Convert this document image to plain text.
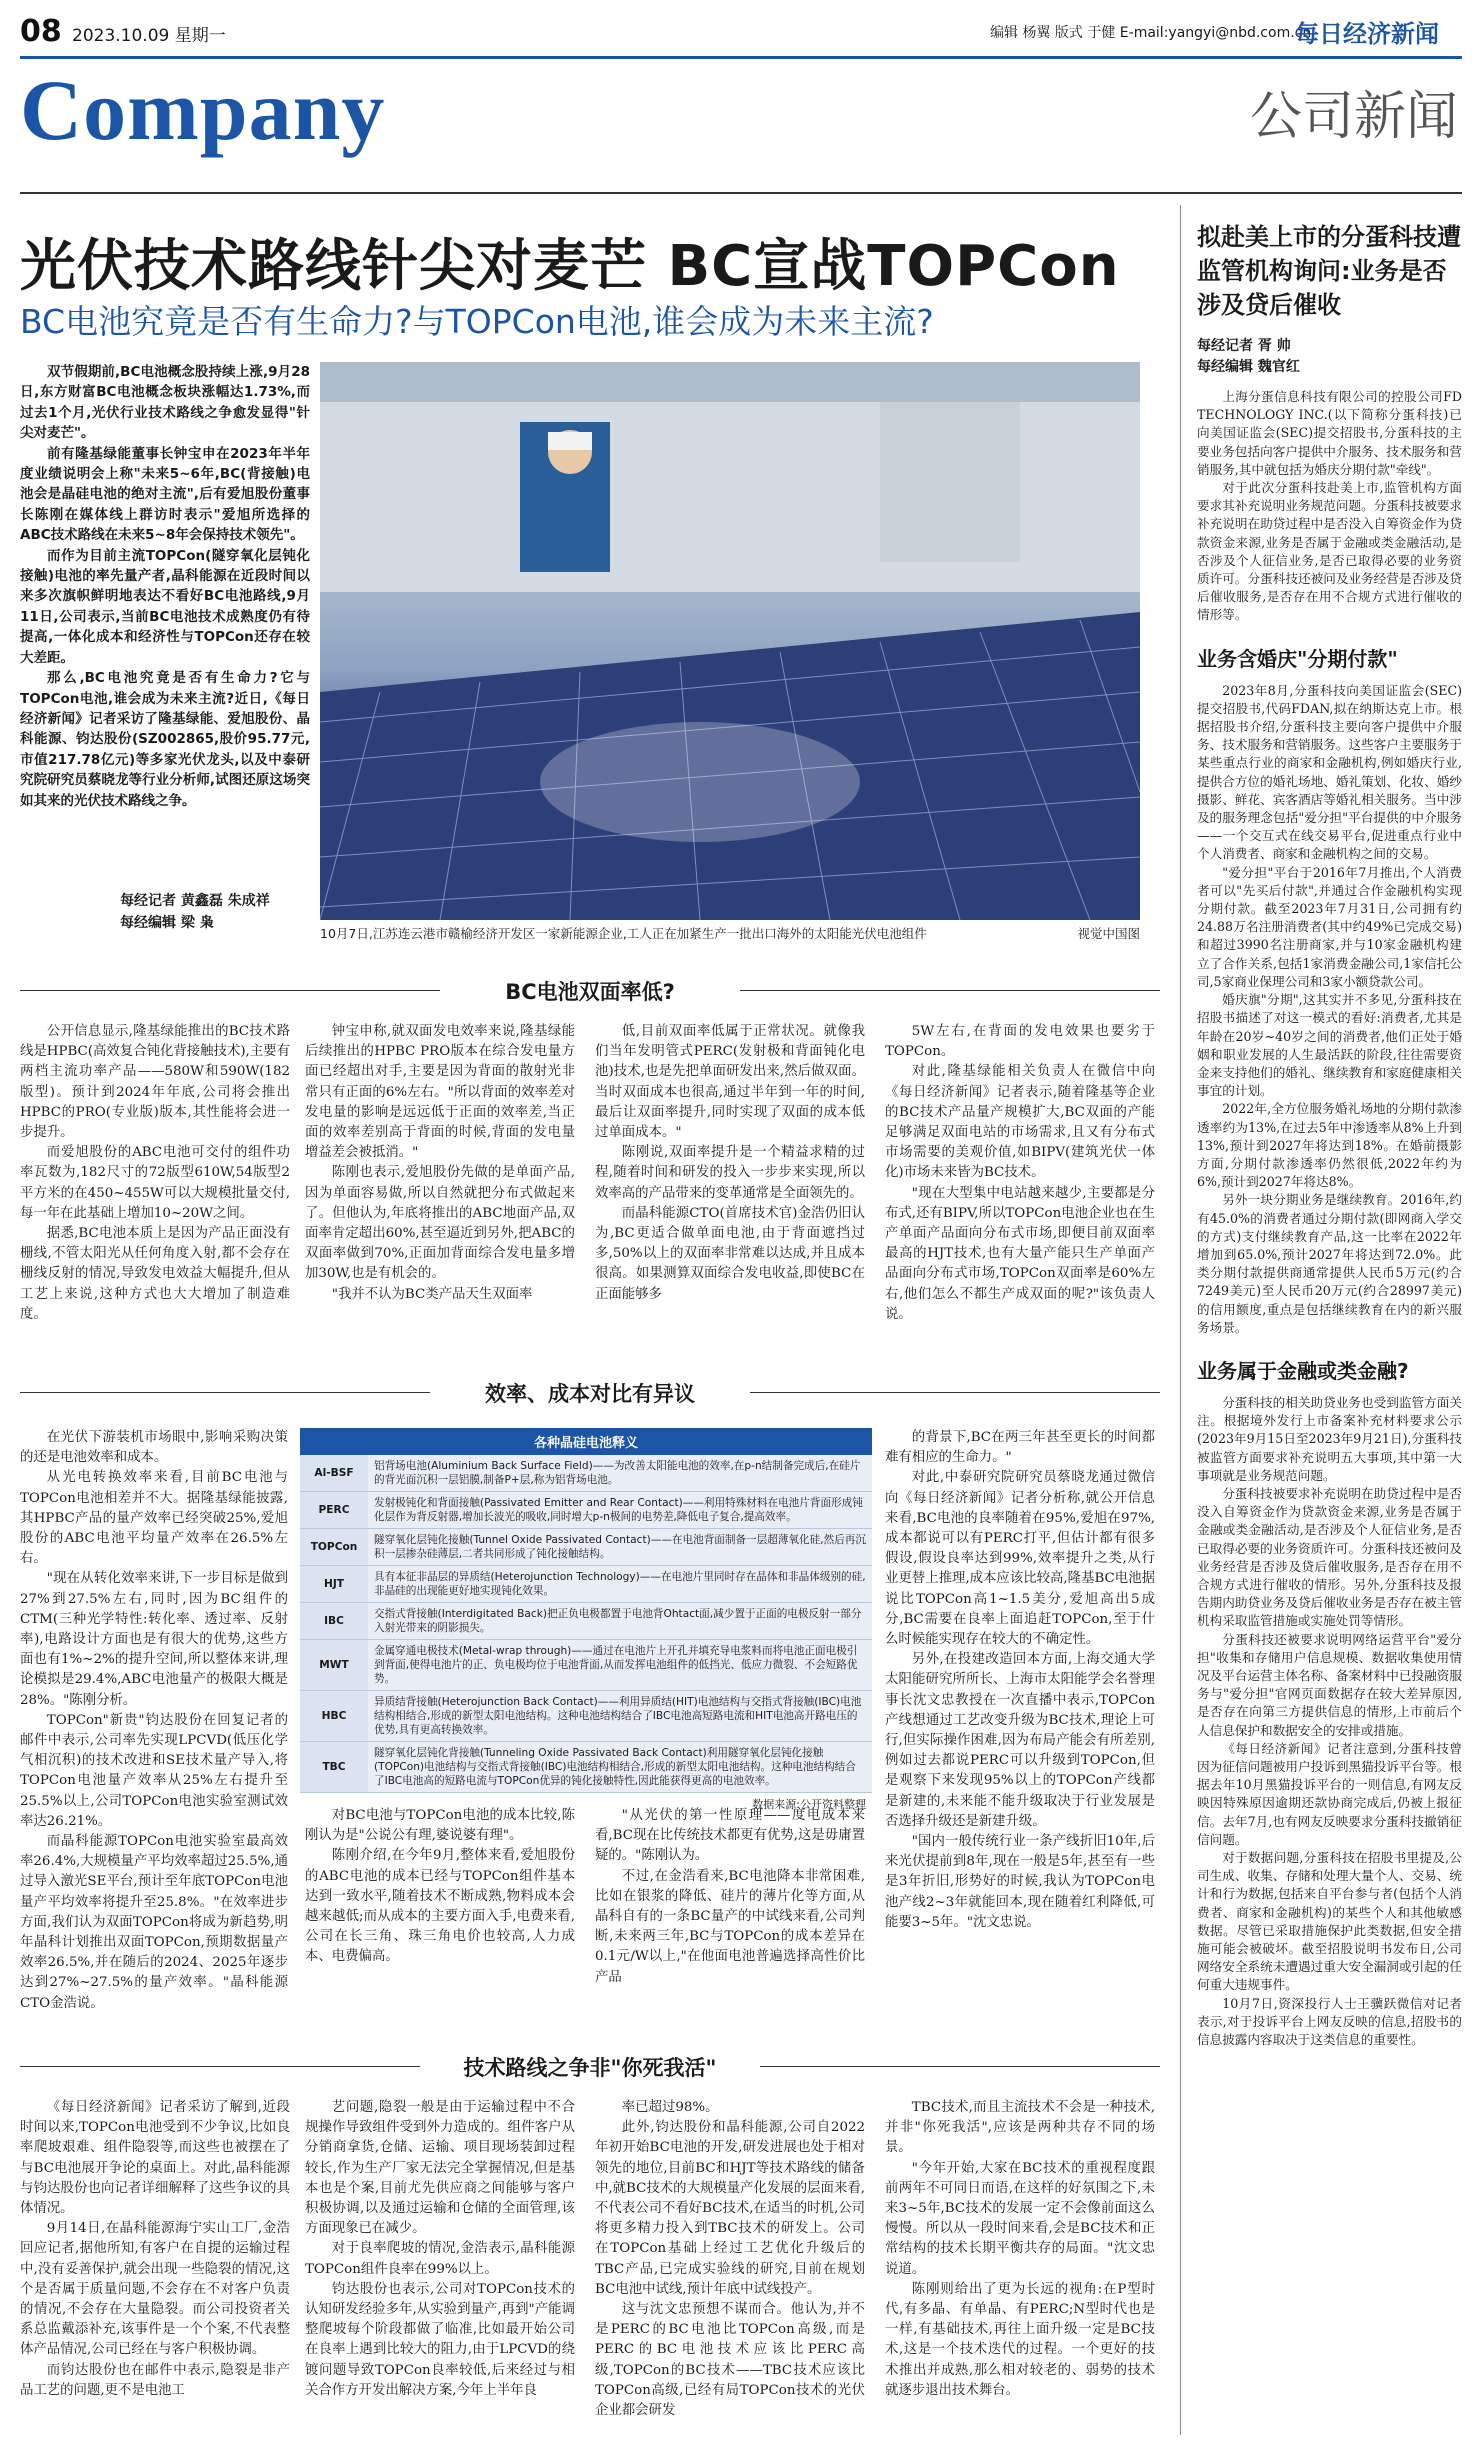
08 2023.10.09 星期一	编辑 杨翼 版式 于健 E-mail:yangyi@nbd.com.cn
每日经济新闻
Company	公司新闻
光伏技术路线针尖对麦芒 BC宣战TOPCon
BC电池究竟是否有生命力?与TOPCon电池,谁会成为未来主流?

双节假期前,BC电池概念股持续上涨,9月28日,东方财富BC电池概念板块涨幅达1.73%,而过去1个月,光伏行业技术路线之争愈发显得"针尖对麦芒"。

前有隆基绿能董事长钟宝申在2023年半年度业绩说明会上称"未来5~6年,BC(背接触)电池会是晶硅电池的绝对主流",后有爱旭股份董事长陈刚在媒体线上群访时表示"爱旭所选择的ABC技术路线在未来5~8年会保持技术领先"。

而作为目前主流TOPCon(隧穿氧化层钝化接触)电池的率先量产者,晶科能源在近段时间以来多次旗帜鲜明地表达不看好BC电池路线,9月11日,公司表示,当前BC电池技术成熟度仍有待提高,一体化成本和经济性与TOPCon还存在较大差距。

那么,BC电池究竟是否有生命力?它与TOPCon电池,谁会成为未来主流?近日,《每日经济新闻》记者采访了隆基绿能、爱旭股份、晶科能源、钧达股份(SZ002865,股价95.77元,市值217.78亿元)等多家光伏龙头,以及中泰研究院研究员蔡晓龙等行业分析师,试图还原这场突如其来的光伏技术路线之争。

每经记者 黄鑫磊 朱成祥
每经编辑 梁 枭
10月7日,江苏连云港市赣榆经济开发区一家新能源企业,工人正在加紧生产一批出口海外的太阳能光伏电池组件	视觉中国图
BC电池双面率低?

公开信息显示,隆基绿能推出的BC技术路线是HPBC(高效复合钝化背接触技术),主要有两档主流功率产品——580W和590W(182版型)。预计到2024年年底,公司将会推出HPBC的PRO(专业版)版本,其性能将会进一步提升。

而爱旭股份的ABC电池可交付的组件功率瓦数为,182尺寸的72版型610W,54版型2平方米的在450~455W可以大规模批量交付,每一年在此基础上增加10~20W之间。

据悉,BC电池本质上是因为产品正面没有栅线,不管太阳光从任何角度入射,都不会存在栅线反射的情况,导致发电效益大幅提升,但从工艺上来说,这种方式也大大增加了制造难度。

钟宝申称,就双面发电效率来说,隆基绿能后续推出的HPBC PRO版本在综合发电量方面已经超出对手,主要是因为背面的散射光非常只有正面的6%左右。"所以背面的效率差对发电量的影响是远远低于正面的效率差,当正面的效率差别高于背面的时候,背面的发电量增益差会被抵消。"

陈刚也表示,爱旭股份先做的是单面产品,因为单面容易做,所以自然就把分布式做起来了。但他认为,年底将推出的ABC地面产品,双面率肯定超出60%,甚至逼近到另外,把ABC的双面率做到70%,正面加背面综合发电量多增加30W,也是有机会的。

"我并不认为BC类产品天生双面率

低,目前双面率低属于正常状况。就像我们当年发明管式PERC(发射极和背面钝化电池)技术,也是先把单面研发出来,然后做双面。当时双面成本也很高,通过半年到一年的时间,最后让双面率提升,同时实现了双面的成本低过单面成本。"

陈刚说,双面率提升是一个精益求精的过程,随着时间和研发的投入一步步来实现,所以效率高的产品带来的变革通常是全面领先的。

而晶科能源CTO(首席技术官)金浩仍旧认为,BC更适合做单面电池,由于背面遮挡过多,50%以上的双面率非常难以达成,并且成本很高。如果测算双面综合发电收益,即使BC在正面能够多

5W左右,在背面的发电效果也要劣于TOPCon。

对此,隆基绿能相关负责人在微信中向《每日经济新闻》记者表示,随着隆基等企业的BC技术产品量产规模扩大,BC双面的产能足够满足双面电站的市场需求,且又有分布式市场需要的美观价值,如BIPV(建筑光伏一体化)市场未来皆为BC技术。

"现在大型集中电站越来越少,主要都是分布式,还有BIPV,所以TOPCon电池企业也在生产单面产品面向分布式市场,即便目前双面率最高的HJT技术,也有大量产能只生产单面产品面向分布式市场,TOPCon双面率是60%左右,他们怎么不都生产成双面的呢?"该负责人说。

效率、成本对比有异议

在光伏下游装机市场眼中,影响采购决策的还是电池效率和成本。

从光电转换效率来看,目前BC电池与TOPCon电池相差并不大。据隆基绿能披露,其HPBC产品的量产效率已经突破25%,爱旭股份的ABC电池平均量产效率在26.5%左右。

"现在从转化效率来讲,下一步目标是做到27%到27.5%左右,同时,因为BC组件的CTM(三种光学特性:转化率、透过率、反射率),电路设计方面也是有很大的优势,这些方面也有1%~2%的提升空间,所以整体来讲,理论模拟是29.4%,ABC电池量产的极限大概是28%。"陈刚分析。

TOPCon"新贵"钧达股份在回复记者的邮件中表示,公司率先实现LPCVD(低压化学气相沉积)的技术改进和SE技术量产导入,将TOPCon电池量产效率从25%左右提升至25.5%以上,公司TOPCon电池实验室测试效率达26.21%。

而晶科能源TOPCon电池实验室最高效率26.4%,大规模量产平均效率超过25.5%,通过导入激光SE平台,预计至年底TOPCon电池量产平均效率将提升至25.8%。"在效率进步方面,我们认为双面TOPCon将成为新趋势,明年晶科计划推出双面TOPCon,预期数据量产效率26.5%,并在随后的2024、2025年逐步达到27%~27.5%的量产效率。"晶科能源CTO金浩说。

各种晶硅电池释义
Al-BSF	铝背场电池(Aluminium Back Surface Field)——为改善太阳能电池的效率,在p-n结制备完成后,在硅片的背光面沉积一层铝膜,制备P+层,称为铝背场电池。
PERC	发射极钝化和背面接触(Passivated Emitter and Rear Contact)——利用特殊材料在电池片背面形成钝化层作为背反射器,增加长波光的吸收,同时增大p-n极间的电势差,降低电子复合,提高效率。
TOPCon	隧穿氧化层钝化接触(Tunnel Oxide Passivated Contact)——在电池背面制备一层超薄氧化硅,然后再沉积一层掺杂硅薄层,二者共同形成了钝化接触结构。
HJT	具有本征非晶层的异质结(Heterojunction Technology)——在电池片里同时存在晶体和非晶体级别的硅,非晶硅的出现能更好地实现钝化效果。
IBC	交指式背接触(Interdigitated Back)把正负电极都置于电池背Ohtact面,减少置于正面的电极反射一部分入射光带来的阴影损失。
MWT	金属穿通电极技术(Metal-wrap through)——通过在电池片上开孔并填充导电浆料而将电池正面电极引到背面,使得电池片的正、负电极均位于电池背面,从而发挥电池组件的低挡光、低应力微裂、不会短路优势。
HBC	异质结背接触(Heterojunction Back Contact)——利用异质结(HIT)电池结构与交指式背接触(IBC)电池结构相结合,形成的新型太阳电池结构。这种电池结构结合了IBC电池高短路电流和HIT电池高开路电压的优势,具有更高转换效率。
TBC	隧穿氧化层钝化背接触(Tunneling Oxide Passivated Back Contact)利用隧穿氧化层钝化接触(TOPCon)电池结构与交指式背接触(IBC)电池结构相结合,形成的新型太阳电池结构。这种电池结构结合了IBC电池高的短路电流与TOPCon优异的钝化接触特性,因此能获得更高的电池效率。
数据来源:公开资料整理

对BC电池与TOPCon电池的成本比较,陈刚认为是"公说公有理,婆说婆有理"。

陈刚介绍,在今年9月,整体来看,爱旭股份的ABC电池的成本已经与TOPCon组件基本达到一致水平,随着技术不断成熟,物料成本会越来越低;而从成本的主要方面入手,电费来看,公司在长三角、珠三角电价也较高,人力成本、电费偏高。

"从光伏的第一性原理——度电成本来看,BC现在比传统技术都更有优势,这是毋庸置疑的。"陈刚认为。

不过,在金浩看来,BC电池降本非常困难,比如在银浆的降低、硅片的薄片化等方面,从晶科自有的一条BC量产的中试线来看,公司判断,未来两三年,BC与TOPCon的成本差异在0.1元/W以上,"在他面电池普遍选择高性价比产品

的背景下,BC在两三年甚至更长的时间都难有相应的生命力。"

对此,中泰研究院研究员蔡晓龙通过微信向《每日经济新闻》记者分析称,就公开信息来看,BC电池的良率随着在95%,爱旭在97%,成本都说可以有PERC打平,但估计都有很多假设,假设良率达到99%,效率提升之类,从行业更替上推理,成本应该比较高,隆基BC电池据说比TOPCon高1~1.5美分,爱旭高出5成分,BC需要在良率上面追赶TOPCon,至于什么时候能实现存在较大的不确定性。

另外,在投建改造回本方面,上海交通大学太阳能研究所所长、上海市太阳能学会名誉理事长沈文忠教授在一次直播中表示,TOPCon产线想通过工艺改变升级为BC技术,理论上可行,但实际操作困难,因为布局产能会有所差别,例如过去都说PERC可以升级到TOPCon,但是观察下来发现95%以上的TOPCon产线都是新建的,未来能不能升级取决于行业发展是否选择升级还是新建升级。

"国内一般传统行业一条产线折旧10年,后来光伏提前到8年,现在一般是5年,甚至有一些是3年折旧,形势好的时候,我认为TOPCon电池产线2~3年就能回本,现在随着红利降低,可能要3~5年。"沈文忠说。

技术路线之争非"你死我活"

《每日经济新闻》记者采访了解到,近段时间以来,TOPCon电池受到不少争议,比如良率爬坡艰难、组件隐裂等,而这些也被摆在了与BC电池展开争论的桌面上。对此,晶科能源与钧达股份也向记者详细解释了这些争议的具体情况。

9月14日,在晶科能源海宁实山工厂,金浩回应记者,据他所知,有客户在自提的运输过程中,没有妥善保护,就会出现一些隐裂的情况,这个是否属于质量问题,不会存在不对客户负责的情况,不会存在大量隐裂。而公司投资者关系总监戴添补充,该事件是一个个案,不代表整体产品情况,公司已经在与客户积极协调。

而钧达股份也在邮件中表示,隐裂是非产品工艺的问题,更不是电池工

艺问题,隐裂一般是由于运输过程中不合规操作导致组件受到外力造成的。组件客户从分销商拿货,仓储、运输、项目现场装卸过程较长,作为生产厂家无法完全掌握情况,但是基本也是个案,目前尤先供应商之间能够与客户积极协调,以及通过运输和仓储的全面管理,该方面现象已在减少。

对于良率爬坡的情况,金浩表示,晶科能源TOPCon组件良率在99%以上。

钧达股份也表示,公司对TOPCon技术的认知研发经验多年,从实验到量产,再到"产能调整爬坡每个阶段都做了临准,比如最开始公司在良率上遇到比较大的阻力,由于LPCVD的绕镀问题导致TOPCon良率较低,后来经过与相关合作方开发出解决方案,今年上半年良

率已超过98%。

此外,钧达股份和晶科能源,公司自2022年初开始BC电池的开发,研发进展也处于相对领先的地位,目前BC和HJT等技术路线的储备中,就BC技术的大规模量产化发展的层面来看,不代表公司不看好BC技术,在适当的时机,公司将更多精力投入到TBC技术的研发上。公司在TOPCon基础上经过工艺优化升级后的TBC产品,已完成实验线的研究,目前在规划BC电池中试线,预计年底中试线投产。

这与沈文忠预想不谋而合。他认为,并不是PERC的BC电池比TOPCon高级,而是PERC的BC电池技术应该比PERC高级,TOPCon的BC技术——TBC技术应该比TOPCon高级,已经有局TOPCon技术的光伏企业都会研发

TBC技术,而且主流技术不会是一种技术,并非"你死我活",应该是两种共存不同的场景。

"今年开始,大家在BC技术的重视程度跟前两年不可同日而语,在这样的好氛围之下,未来3~5年,BC技术的发展一定不会像前面这么慢慢。所以从一段时间来看,会是BC技术和正常结构的技术长期平衡共存的局面。"沈文忠说道。

陈刚则给出了更为长远的视角:在P型时代,有多晶、有单晶、有PERC;N型时代也是一样,有基础技术,再往上面升级一定是BC技术,这是一个技术迭代的过程。一个更好的技术推出并成熟,那么相对较老的、弱势的技术就逐步退出技术舞台。

拟赴美上市的分蛋科技遭监管机构询问:业务是否涉及贷后催收
每经记者 胥 帅
每经编辑 魏官红

上海分蛋信息科技有限公司的控股公司FD TECHNOLOGY INC.(以下简称分蛋科技)已向美国证监会(SEC)提交招股书,分蛋科技的主要业务包括向客户提供中介服务、技术服务和营销服务,其中就包括为婚庆分期付款"牵线"。

对于此次分蛋科技赴美上市,监管机构方面要求其补充说明业务规范问题。分蛋科技被要求补充说明在助贷过程中是否没入自筹资金作为贷款资金来源,业务是否属于金融或类金融活动,是否涉及个人征信业务,是否已取得必要的业务资质许可。分蛋科技还被问及业务经营是否涉及贷后催收服务,是否存在用不合规方式进行催收的情形等。

业务含婚庆"分期付款"

2023年8月,分蛋科技向美国证监会(SEC)提交招股书,代码FDAN,拟在纳斯达克上市。根据招股书介绍,分蛋科技主要向客户提供中介服务、技术服务和营销服务。这些客户主要服务于某些重点行业的商家和金融机构,例如婚庆行业,提供合方位的婚礼场地、婚礼策划、化妆、婚纱摄影、鲜花、宾客酒店等婚礼相关服务。当中涉及的服务理念包括"爱分担"平台提供的中介服务——一个交互式在线交易平台,促进重点行业中个人消费者、商家和金融机构之间的交易。

"爱分担"平台于2016年7月推出,个人消费者可以"先买后付款",并通过合作金融机构实现分期付款。截至2023年7月31日,公司拥有约24.88万名注册消费者(其中约49%已完成交易)和超过3990名注册商家,并与10家金融机构建立了合作关系,包括1家消费金融公司,1家信托公司,5家商业保理公司和3家小额贷款公司。

婚庆旗"分期",这其实并不多见,分蛋科技在招股书描述了对这一模式的看好:消费者,尤其是年龄在20岁~40岁之间的消费者,他们正处于婚姻和职业发展的人生最活跃的阶段,往往需要资金来支持他们的婚礼、继续教育和家庭健康相关事宜的计划。

2022年,全方位服务婚礼场地的分期付款渗透率约为13%,在过去5年中渗透率从8%上升到13%,预计到2027年将达到18%。在婚前摄影方面,分期付款渗透率仍然很低,2022年约为6%,预计到2027年将达8%。

另外一块分期业务是继续教育。2016年,约有45.0%的消费者通过分期付款(即网商入学交的方式)支付继续教育产品,这一比率在2022年增加到65.0%,预计2027年将达到72.0%。此类分期付款提供商通常提供人民币5万元(约合7249美元)至人民币20万元(约合28997美元)的信用额度,重点是包括继续教育在内的新兴服务场景。

业务属于金融或类金融?

分蛋科技的相关助贷业务也受到监管方面关注。根据境外发行上市备案补充材料要求公示(2023年9月15日至2023年9月21日),分蛋科技被监管方面要求补充说明五大事项,其中第一大事项就是业务规范问题。

分蛋科技被要求补充说明在助贷过程中是否没入自筹资金作为贷款资金来源,业务是否属于金融或类金融活动,是否涉及个人征信业务,是否已取得必要的业务资质许可。分蛋科技还被问及业务经营是否涉及贷后催收服务,是否存在用不合规方式进行催收的情形。另外,分蛋科技及报告期内助贷业务及贷后催收业务是否存在被主管机构采取监管措施或实施处罚等情形。

分蛋科技还被要求说明网络运营平台"爱分担"收集和存储用户信息规模、数据收集使用情况及平台运营主体名称、备案材料中已投融资服务与"爱分担"官网页面数据存在较大差异原因,是否存在向第三方提供信息的情形,上市前后个人信息保护和数据安全的安排或措施。

《每日经济新闻》记者注意到,分蛋科技曾因为征信问题被用户投诉到黑猫投诉平台等。根据去年10月黑猫投诉平台的一则信息,有网友反映因特殊原因逾期还款协商完成后,仍被上报征信。去年7月,也有网友反映要求分蛋科技撤销征信问题。

对于数据问题,分蛋科技在招股书里提及,公司生成、收集、存储和处理大量个人、交易、统计和行为数据,包括来自平台参与者(包括个人消费者、商家和金融机构)的某些个人和其他敏感数据。尽管已采取措施保护此类数据,但安全措施可能会被破坏。截至招股说明书发布日,公司网络安全系统未遭遇过重大安全漏洞或引起的任何重大违规事件。

10月7日,资深投行人士王骥跃微信对记者表示,对于投诉平台上网友反映的信息,招股书的信息披露内容取决于这类信息的重要性。
